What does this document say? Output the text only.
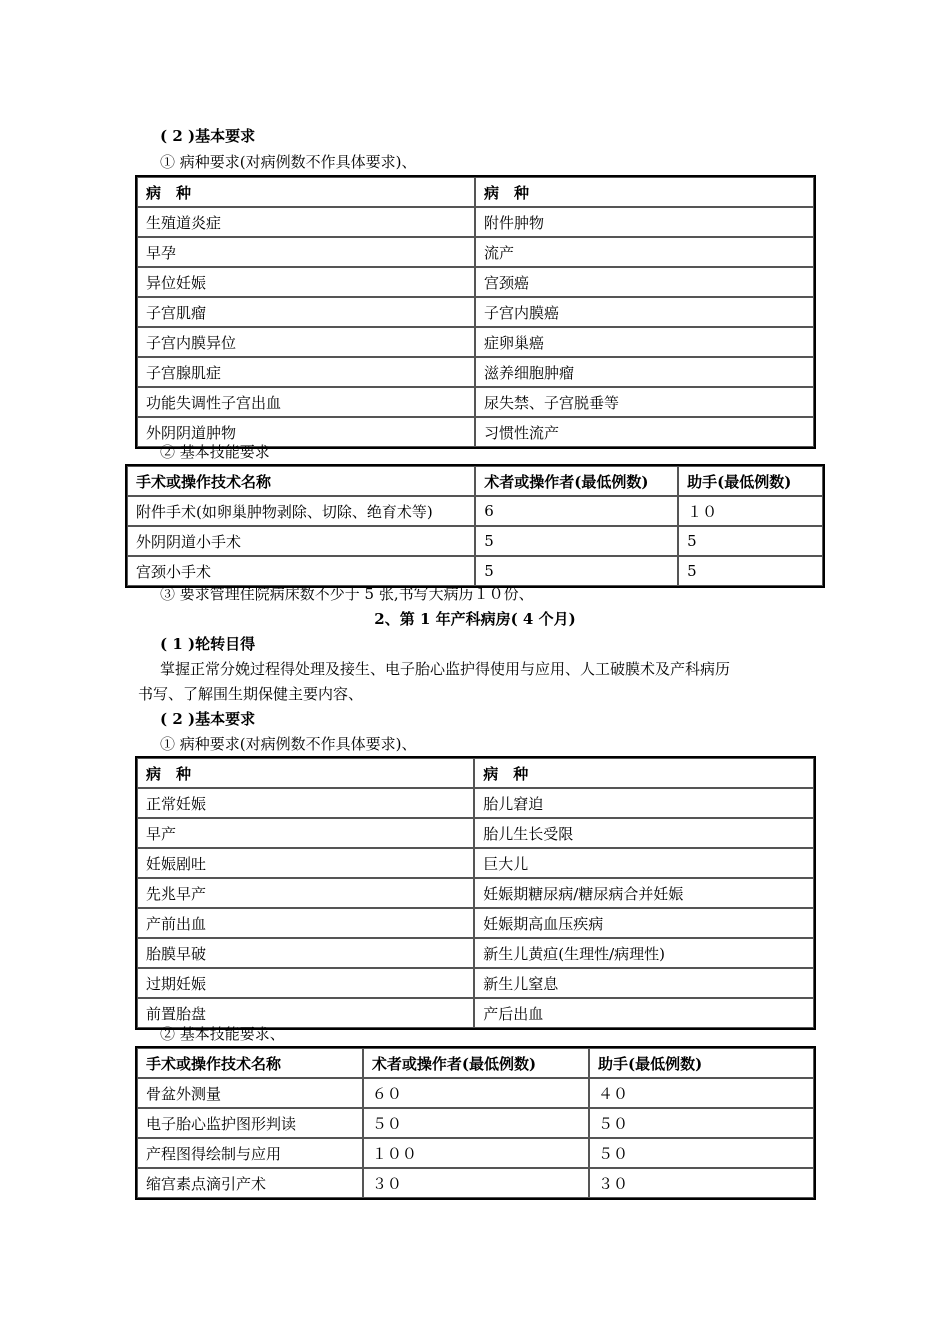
( 2 )基本要求
① 病种要求(对病例数不作具体要求)、
病　种	病　种
生殖道炎症	附件肿物
早孕	流产
异位妊娠	宫颈癌
子宫肌瘤	子宫内膜癌
子宫内膜异位	症卵巢癌
子宫腺肌症	滋养细胞肿瘤
功能失调性子宫出血	尿失禁、子宫脱垂等
外阴阴道肿物	习惯性流产
② 基本技能要求
手术或操作技术名称	术者或操作者(最低例数)	助手(最低例数)
附件手术(如卵巢肿物剥除、切除、绝育术等)	6	１０
外阴阴道小手术	5	5
宫颈小手术	5	5
③ 要求管理住院病床数不少于 5 张,书写大病历１０份、
2、第 1 年产科病房( 4 个月)
( 1 )轮转目得
掌握正常分娩过程得处理及接生、电子胎心监护得使用与应用、人工破膜术及产科病历
书写、了解围生期保健主要内容、
( 2 )基本要求
① 病种要求(对病例数不作具体要求)、
病　种	病　种
正常妊娠	胎儿窘迫
早产	胎儿生长受限
妊娠剧吐	巨大儿
先兆早产	妊娠期糖尿病/糖尿病合并妊娠
产前出血	妊娠期高血压疾病
胎膜早破	新生儿黄疸(生理性/病理性)
过期妊娠	新生儿窒息
前置胎盘	产后出血
② 基本技能要求、
手术或操作技术名称	术者或操作者(最低例数)	助手(最低例数)
骨盆外测量	６０	４０
电子胎心监护图形判读	５０	５０
产程图得绘制与应用	１００	５０
缩宫素点滴引产术	３０	３０
